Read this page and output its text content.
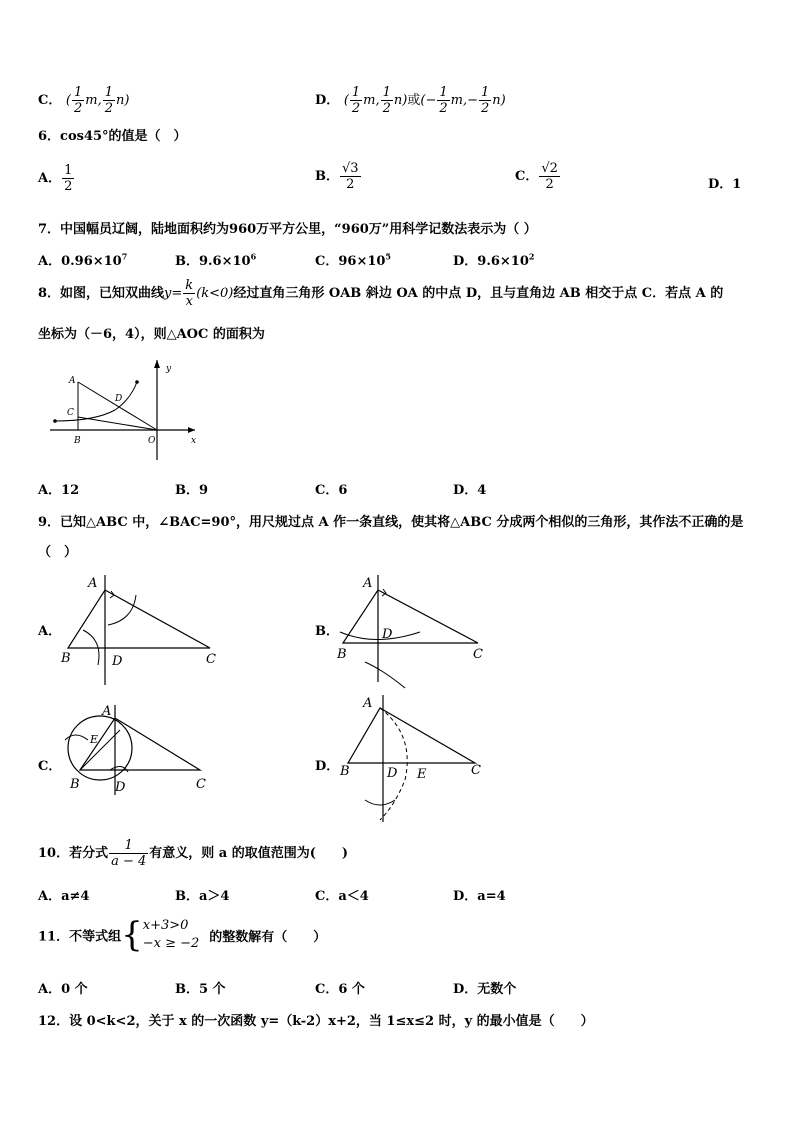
C． ( $\frac{1}{2} m$, $\frac{1}{2} n$)	D． ( $\frac{1}{2} m$, $\frac{1}{2} n$)或(− $\frac{1}{2} m,- \frac{1}{2} n$)
6．cos45°的值是（　）
A． $\frac{1}{2}$	B． $\frac{√3}{2}$	C． $\frac{√2}{2}$	D．1
7．中国幅员辽阔，陆地面积约为960万平方公里，“960万”用科学记数法表示为（ ）
A．$0.96\times 10^7$	B．$9.6\times 10^6$	C．$96\times 10^5$	D．$9.6\times 10^2$
8．如图，已知双曲线$y= \frac{k}{x} (k<0)$经过直角三角形 OAB 斜边 OA 的中点 D，且与直角边 AB 相交于点 C．若点 A 的
坐标为（－6，4），则△AOC 的面积为
A
C
D
B	O
y
x
A．12	B．9	C．6	D．4
9．已知△ABC 中，∠BAC=90°，用尺规过点 A 作一条直线，使其将△ABC 分成两个相似的三角形，其作法不正确的是
（　）
A．
A
B	D	C
B．
A
B
D
C
C．
A
E
B	D	C
D．
A
B	D E	C
10．若分式 $\frac{1}{a - 4}$ 有意义，则 a 的取值范围为(　　)
A．a≠4	B．a＞4	C．a＜4	D．a=4
11．不等式组{ x+3>0
−x ≥ −2 的整数解有（　　）
A．0 个	B．5 个	C．6 个	D．无数个
12．设 0<k<2，关于 x 的一次函数 y=（k-2）x+2，当 1≤x≤2 时，y 的最小值是（　　）
